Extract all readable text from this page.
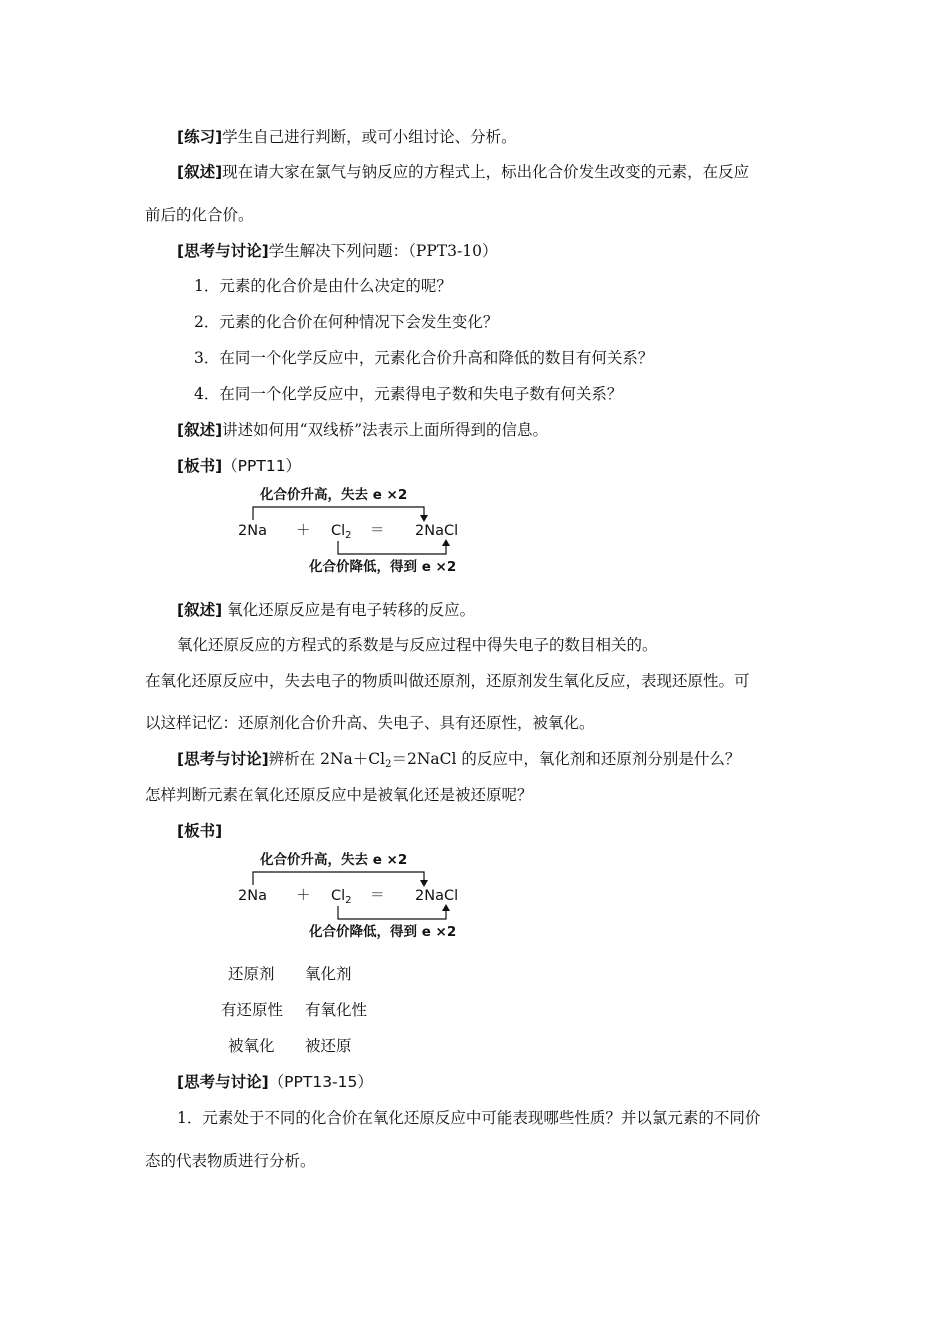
[练习]学生自己进行判断，或可小组讨论、分析。
[叙述]现在请大家在氯气与钠反应的方程式上，标出化合价发生改变的元素，在反应
前后的化合价。
[思考与讨论]学生解决下列问题：（PPT3-10）
1．元素的化合价是由什么决定的呢？
2．元素的化合价在何种情况下会发生变化？
3．在同一个化学反应中，元素化合价升高和降低的数目有何关系？
4．在同一个化学反应中，元素得电子数和失电子数有何关系？
[叙述]讲述如何用“双线桥”法表示上面所得到的信息。
[板书]（PPT11）
化合价升高，失去 e ×2
$2Na + Cl_2$ ＝ 2NaCl
化合价降低，得到 e ×2
[叙述] 氧化还原反应是有电子转移的反应。
氧化还原反应的方程式的系数是与反应过程中得失电子的数目相关的。
在氧化还原反应中，失去电子的物质叫做还原剂，还原剂发生氧化反应，表现还原性。可
以这样记忆：还原剂化合价升高、失电子、具有还原性，被氧化。
[思考与讨论]辨析在 $2Na+Cl_2=2NaCl$ 的反应中，氧化剂和还原剂分别是什么？
怎样判断元素在氧化还原反应中是被氧化还是被还原呢？
[板书]
化合价升高，失去 e ×2
$2Na + Cl_2$ ＝ 2NaCl
化合价降低，得到 e ×2
还原剂 氧化剂
有还原性 有氧化性
被氧化 被还原
[思考与讨论]（PPT13-15）
1．元素处于不同的化合价在氧化还原反应中可能表现哪些性质？并以氯元素的不同价
态的代表物质进行分析。
